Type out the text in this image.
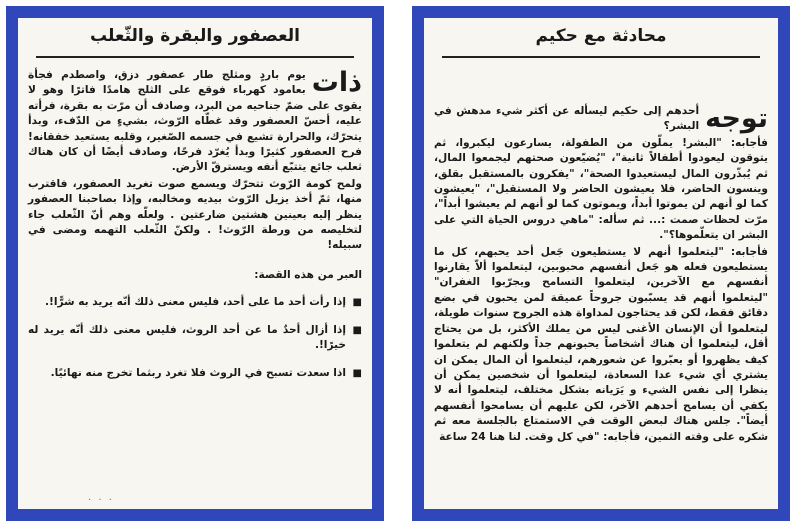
العصفور والبقرة والثّعلب
ذات

يوم باردٍ ومثلج طار عصفور دزق، واصطدم فجأة بعامود كهرباء فوقع على الثلج هامدًا فاترًا وهو لا يقوى على ضمّ جناحيه من البرد، وصادف أن مرّت به بقرة، فرأته عليه، أحسّ العصفور وقد غطّاه الرّوث، بشيءٍ من الدّفء، وبدأ يتحرّك، والحرارة تشيع في جسمه الصّغير، وقلبه يستعيد خفقانه! فرح العصفور كثيرًا وبدأ يُغرّد فرحًا، وصادف أيضًا أن كان هناك ثعلب جائع يتتبّع أنفه ويسترقّ الأرض.

ولمح كومة الرّوث تتحرّك ويسمع صوت تغريد العصفور، فاقترب منها، ثمّ أخذ يزيل الرّوث بيديه ومخالبه، وإذا بصاحبنا العصفور ينظر إليه بعينين هشتين ضارعتين . ولعلّه وهم أنّ الثّعلب جاء لتخليصه من ورطة الرّوث! . ولكنّ الثّعلب التهمه ومضى في سبيله!

العبر من هذه القصة:
■
إذا رأت أحد ما على أحد، فليس معنى ذلك أنّه يريد به شرًّا!.
■
إذا أزال أحدٌ ما عن أحد الروث، فليس معنى ذلك أنّه يريد له خيرًا!.
■
اذا سعدت تسبح في الروث فلا تغرد ربثما تخرج منه نهائيًا.
· · ·
محادثة مع حكيم
توجه

أحدهم إلى حكيم ليسأله عن أكثر شيء مدهش في البشر؟

فأجابه: "البشر! يملّون من الطفولة، يسارعون ليكبروا، ثم يتوقون ليعودوا أطفالاً ثانية"، "يُضيّعون صحتهم ليجمعوا المال، ثم يُبذّرون المال ليستعيدوا الصحة"، "يفكرون بالمستقبل بقلق، وينسون الحاضر، فلا يعيشون الحاضر ولا المستقبل"، "يعيشون كما لو أنهم لن يموتوا أبداً، ويموتون كما لو أنهم لم يعيشوا أبداً"، مرّت لحظات صمت :... ثم سأله: "ماهي دروس الحياة التي على البشر ان يتعلّموها؟".

فأجابه: "ليتعلموا أنهم لا يستطيعون جَعل أحد يحبهم، كل ما يستطيعون فعله هو جَعل أنفسهم محبوبين، ليتعلموا ألاّ يقارنوا أنفسهم مع الآخرين، ليتعلموا التسامح ويجرّبوا الغفران" "ليتعلموا أنهم قد يسبّبون جروحاً عميقة لمن يحبون في بضع دقائق فقط، لكن قد يحتاجون لمداواة هذه الجروح سنوات طويلة، ليتعلموا أن الإنسان الأغنى ليس من يملك الأكثر، بل من يحتاج أقل، ليتعلموا أن هناك أشخاصاً يحبونهم جداً ولكنهم لم يتعلموا كيف يظهروا أو يعبّروا عن شعورهم، ليتعلموا أن المال يمكن ان يشتري أي شيء عدا السعادة، ليتعلموا أن شخصين يمكن أن ينظرا إلى نفس الشيء و يَرَيانه بشكل مختلف، ليتعلموا أنه لا يكفي أن يسامح أحدهم الآخر، لكن عليهم أن يسامحوا أنفسهم أيضاً". جلس هناك لبعض الوقت في الاستمتاع بالجلسة معه ثم شكره على وقته الثمين، فأجابه: "في كل وقت. لنا هنا 24 ساعة
